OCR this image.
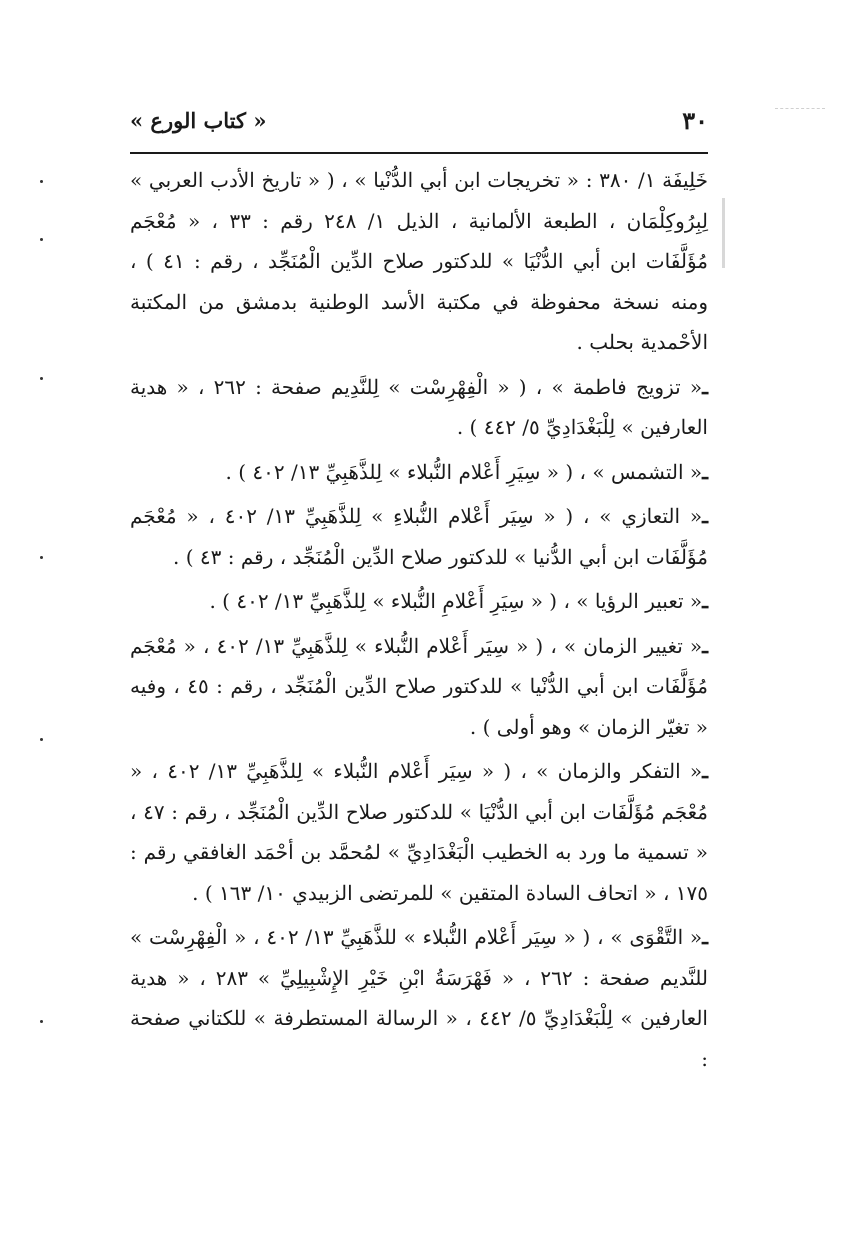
٣٠
« كتاب الورع »

خَلِيفَة ١/ ٣٨٠ : « تخريجات ابن أبي الدُّنْيا » ، ( « تاريخ الأدب العربي » لِبِرُوكِلْمَان ، الطبعة الألمانية ، الذيل ١/ ٢٤٨ رقم : ٣٣ ، « مُعْجَم مُؤَلَّفَات ابن أبي الدُّنْيَا » للدكتور صلاح الدِّين الْمُنَجِّد ، رقم : ٤١ ) ، ومنه نسخة محفوظة في مكتبة الأسد الوطنية بدمشق من المكتبة الأحْمدية بحلب .

ـ« تزويج فاطمة » ، ( « الْفِهْرِسْت » لِلنَّدِيم صفحة : ٢٦٢ ، « هدية العارفين » لِلْبَغْدَادِيِّ ٥/ ٤٤٢ ) .

ـ« التشمس » ، ( « سِيَرِ أَعْلام النُّبلاء » لِلذَّهَبِيِّ ١٣/ ٤٠٢ ) .

ـ« التعازي » ، ( « سِيَر أَعْلام النُّبلاءِ » لِلذَّهَبِيِّ ١٣/ ٤٠٢ ، « مُعْجَم مُؤَلَّفَات ابن أبي الدُّنيا » للدكتور صلاح الدِّين الْمُنَجِّد ، رقم : ٤٣ ) .

ـ« تعبير الرؤيا » ، ( « سِيَرِ أَعْلامِ النُّبلاء » لِلذَّهَبِيِّ ١٣/ ٤٠٢ ) .

ـ« تغيير الزمان » ، ( « سِيَر أَعْلام النُّبلاء » لِلذَّهَبِيِّ ١٣/ ٤٠٢ ، « مُعْجَم مُؤَلَّفَات ابن أبي الدُّنْيا » للدكتور صلاح الدِّين الْمُنَجِّد ، رقم : ٤٥ ، وفيه « تغيّر الزمان » وهو أولى ) .

ـ« التفكر والزمان » ، ( « سِيَر أَعْلام النُّبلاء » لِلذَّهَبِيِّ ١٣/ ٤٠٢ ، « مُعْجَم مُؤَلَّفَات ابن أبي الدُّنْيَا » للدكتور صلاح الدِّين الْمُنَجِّد ، رقم : ٤٧ ، « تسمية ما ورد به الخطيب الْبَغْدَادِيِّ » لمُحمَّد بن أحْمَد الغافقي رقم : ١٧٥ ، « اتحاف السادة المتقين » للمرتضى الزبيدي ١٠/ ١٦٣ ) .

ـ« التَّقْوَى » ، ( « سِيَر أَعْلام النُّبلاء » للذَّهَبِيِّ ١٣/ ٤٠٢ ، « الْفِهْرِسْت » للنَّديم صفحة : ٢٦٢ ، « فَهْرَسَةُ ابْنِ خَيْرِ الإِشْبِيلِيِّ » ٢٨٣ ، « هدية العارفين » لِلْبَغْدَادِيِّ ٥/ ٤٤٢ ، « الرسالة المستطرفة » للكتاني صفحة :
